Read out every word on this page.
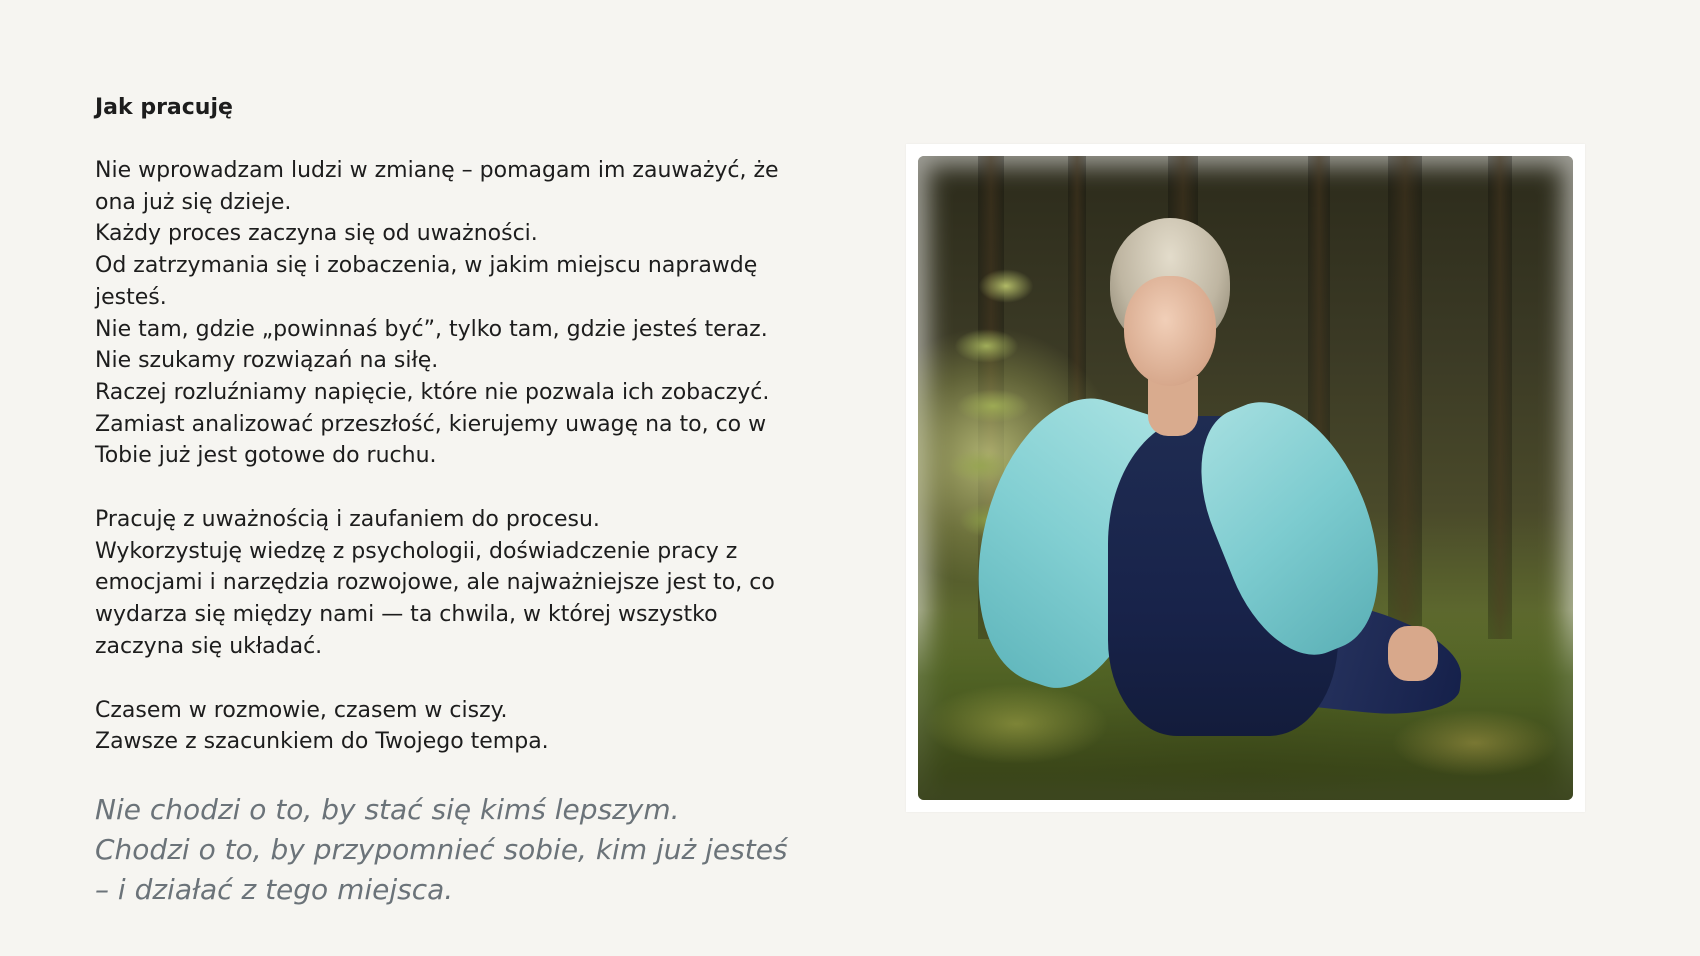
Jak pracuję
Nie wprowadzam ludzi w zmianę – pomagam im zauważyć, że
ona już się dzieje.
Każdy proces zaczyna się od uważności.
Od zatrzymania się i zobaczenia, w jakim miejscu naprawdę
jesteś.
Nie tam, gdzie „powinnaś być”, tylko tam, gdzie jesteś teraz.
Nie szukamy rozwiązań na siłę.
Raczej rozluźniamy napięcie, które nie pozwala ich zobaczyć.
Zamiast analizować przeszłość, kierujemy uwagę na to, co w
Tobie już jest gotowe do ruchu.
Pracuję z uważnością i zaufaniem do procesu.
Wykorzystuję wiedzę z psychologii, doświadczenie pracy z
emocjami i narzędzia rozwojowe, ale najważniejsze jest to, co
wydarza się między nami — ta chwila, w której wszystko
zaczyna się układać.
Czasem w rozmowie, czasem w ciszy.
Zawsze z szacunkiem do Twojego tempa.
Nie chodzi o to, by stać się kimś lepszym.
Chodzi o to, by przypomnieć sobie, kim już jesteś
– i działać z tego miejsca.
